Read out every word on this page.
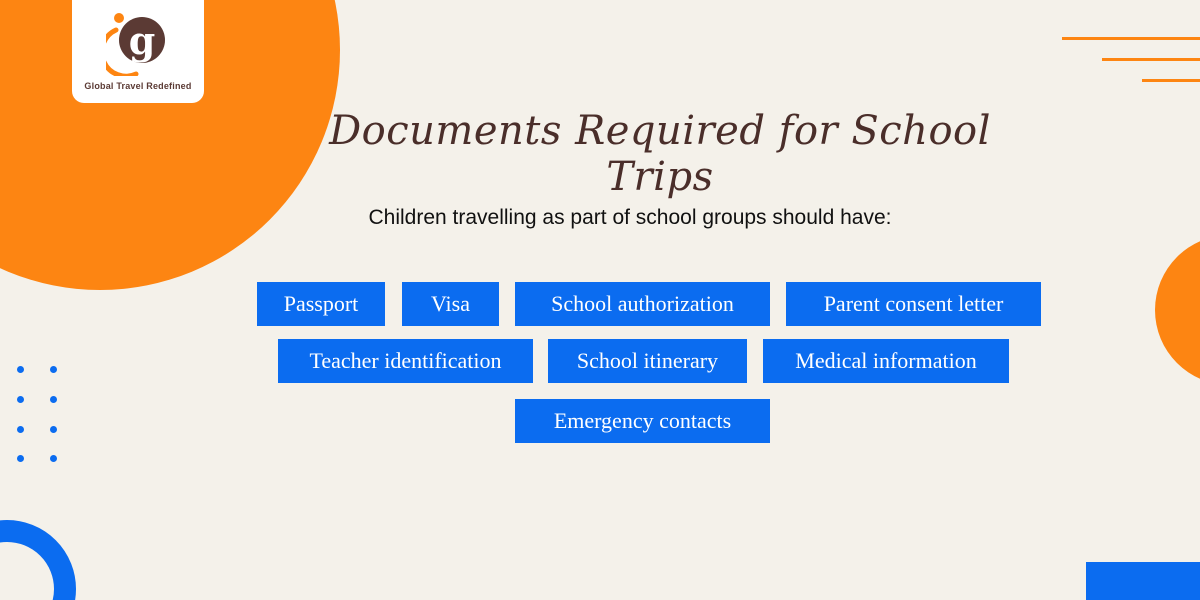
g
Global Travel Redefined
Documents Required for School Trips
Children travelling as part of school groups should have:
Passport	Visa	School authorization	Parent consent letter
Teacher identification	School itinerary	Medical information
Emergency contacts
